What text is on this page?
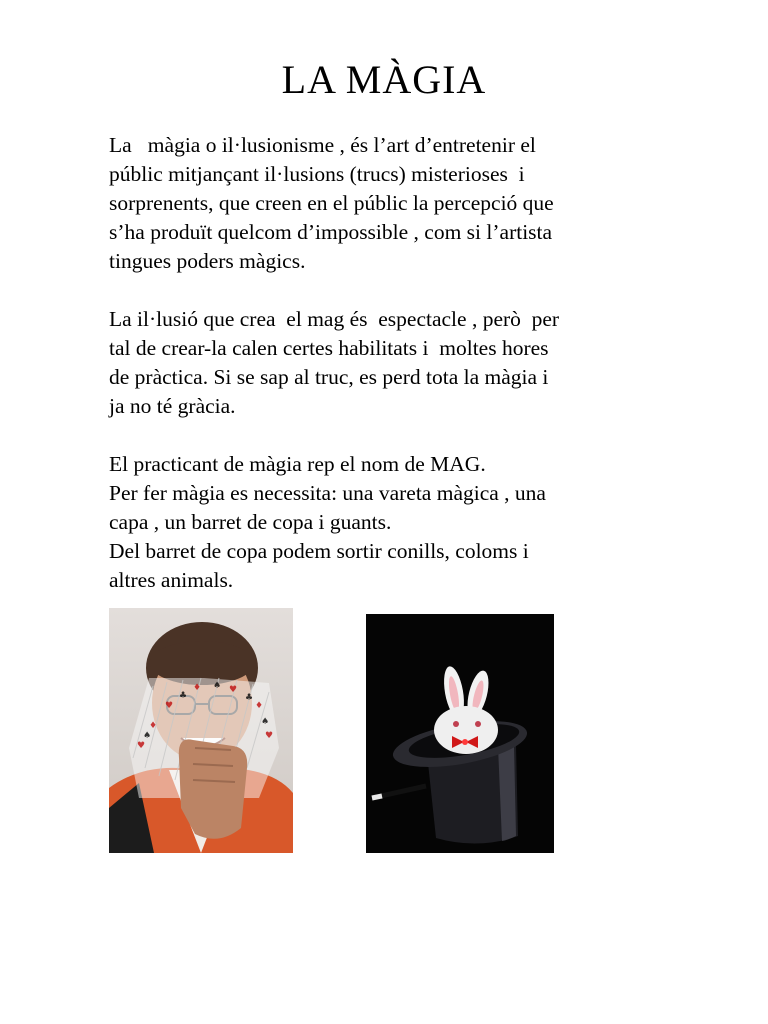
LA MÀGIA

La   màgia o il·lusionisme , és l’art d’entretenir el
públic mitjançant il·lusions (trucs) misterioses  i
sorprenents, que creen en el públic la percepció que
s’ha produït quelcom d’impossible , com si l’artista
tingues poders màgics.

La il·lusió que crea  el mag és  espectacle , però  per
tal de crear-la calen certes habilitats i  moltes hores
de pràctica. Si se sap al truc, es perd tota la màgia i
ja no té gràcia.

El practicant de màgia rep el nom de MAG.
Per fer màgia es necessita: una vareta màgica , una
capa , un barret de copa i guants.
Del barret de copa podem sortir conills, coloms i
altres animals.

♥
♦
♥
♦	♥
♦
♥
♠
♣
♠
♣
♠
